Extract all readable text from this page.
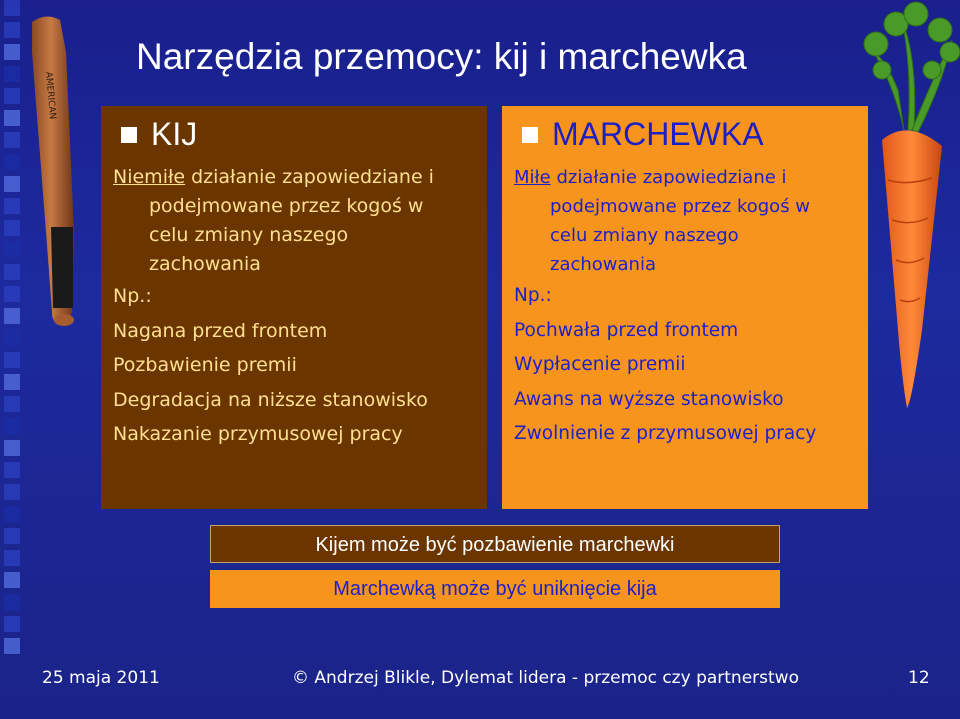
AMERICAN
Narzędzia przemocy: kij i marchewka
KIJ
Niemiłe działanie zapowiedziane i
podejmowane przez kogoś w
celu zmiany naszego
zachowania
Np.:
Nagana przed frontem
Pozbawienie premii
Degradacja na niższe stanowisko
Nakazanie przymusowej pracy
MARCHEWKA
Miłe działanie zapowiedziane i
podejmowane przez kogoś w
celu zmiany naszego
zachowania
Np.:
Pochwała przed frontem
Wypłacenie premii
Awans na wyższe stanowisko
Zwolnienie z przymusowej pracy
Kijem może być pozbawienie marchewki
Marchewką może być uniknięcie kija
25 maja 2011	© Andrzej Blikle, Dylemat lidera - przemoc czy partnerstwo	12
